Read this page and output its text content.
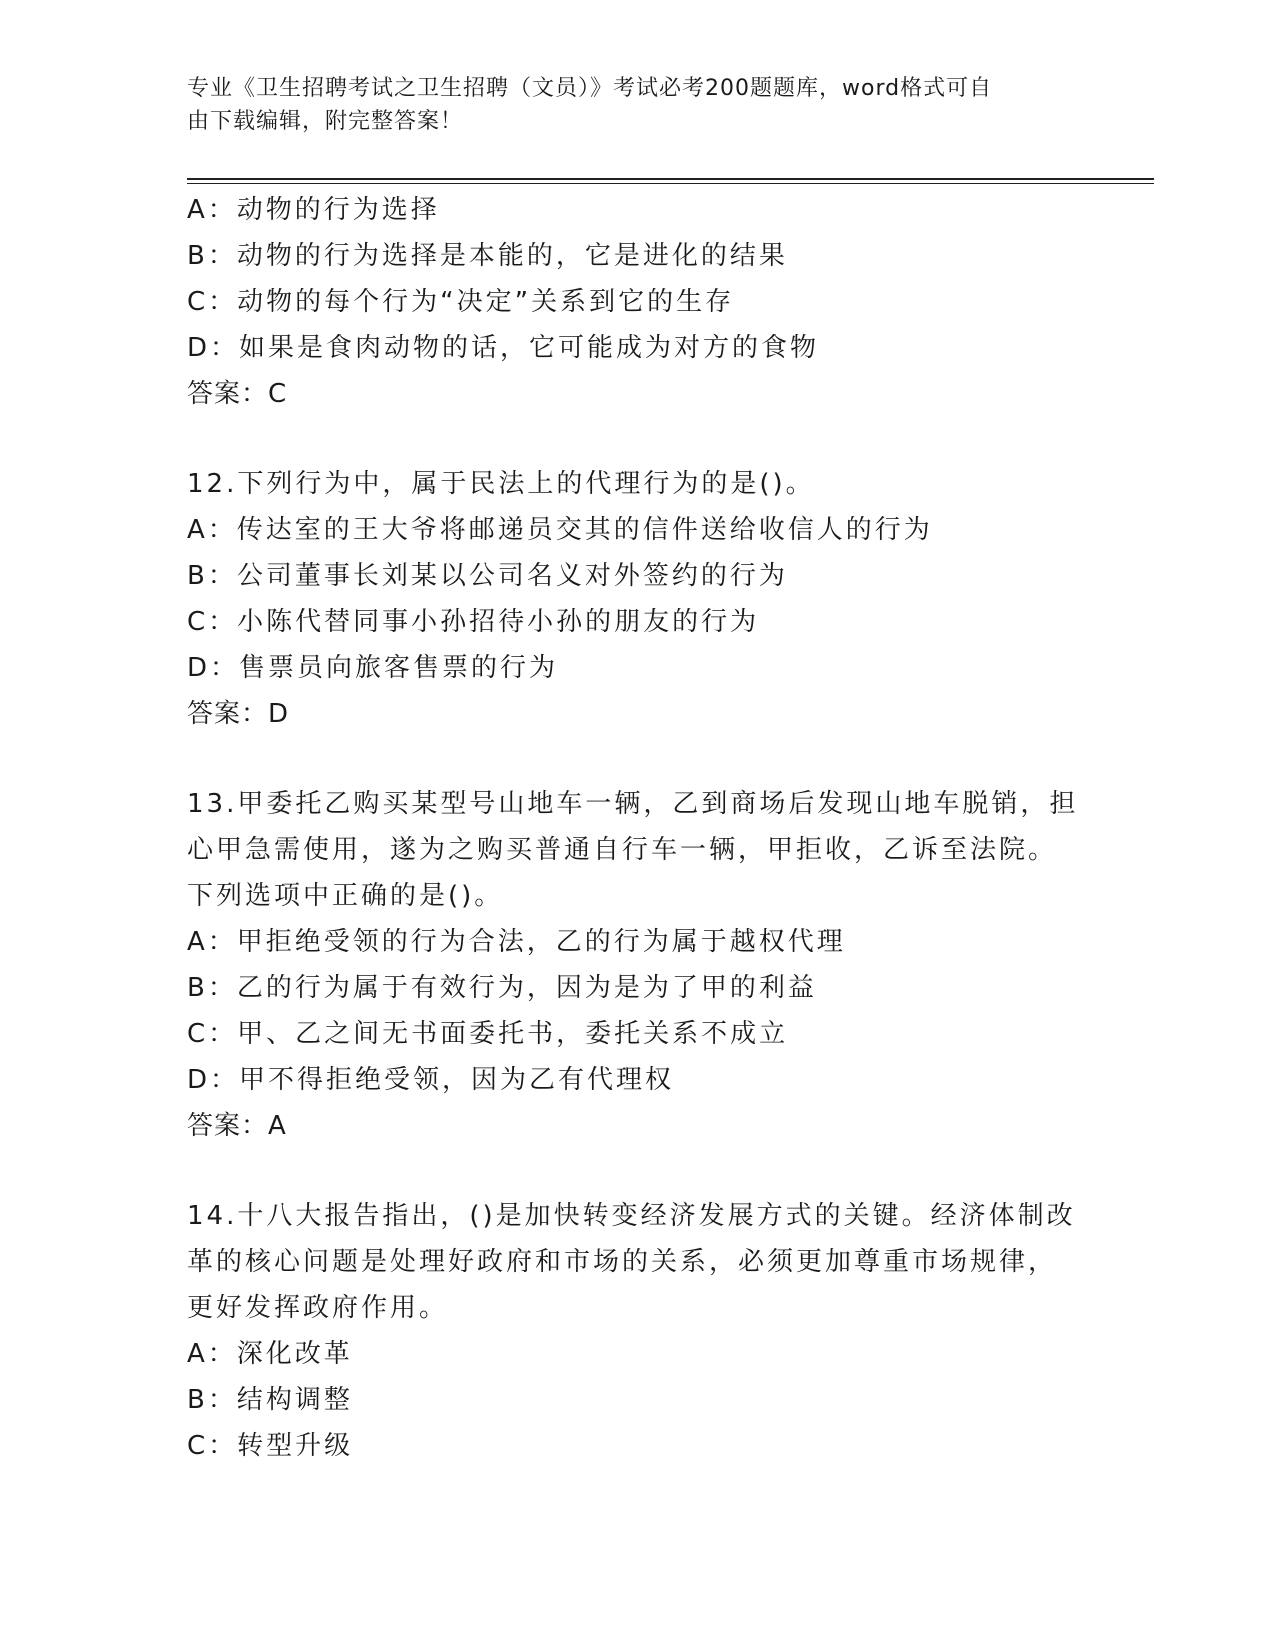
专业《卫生招聘考试之卫生招聘（文员）》考试必考200题题库，word格式可自
由下载编辑，附完整答案！
A：动物的行为选择
B：动物的行为选择是本能的，它是进化的结果
C：动物的每个行为“决定”关系到它的生存
D：如果是食肉动物的话，它可能成为对方的食物
答案：C
12.下列行为中，属于民法上的代理行为的是()。
A：传达室的王大爷将邮递员交其的信件送给收信人的行为
B：公司董事长刘某以公司名义对外签约的行为
C：小陈代替同事小孙招待小孙的朋友的行为
D：售票员向旅客售票的行为
答案：D
13.甲委托乙购买某型号山地车一辆，乙到商场后发现山地车脱销，担
心甲急需使用，遂为之购买普通自行车一辆，甲拒收，乙诉至法院。
下列选项中正确的是()。
A：甲拒绝受领的行为合法，乙的行为属于越权代理
B：乙的行为属于有效行为，因为是为了甲的利益
C：甲、乙之间无书面委托书，委托关系不成立
D：甲不得拒绝受领，因为乙有代理权
答案：A
14.十八大报告指出，()是加快转变经济发展方式的关键。经济体制改
革的核心问题是处理好政府和市场的关系，必须更加尊重市场规律，
更好发挥政府作用。
A：深化改革
B：结构调整
C：转型升级
